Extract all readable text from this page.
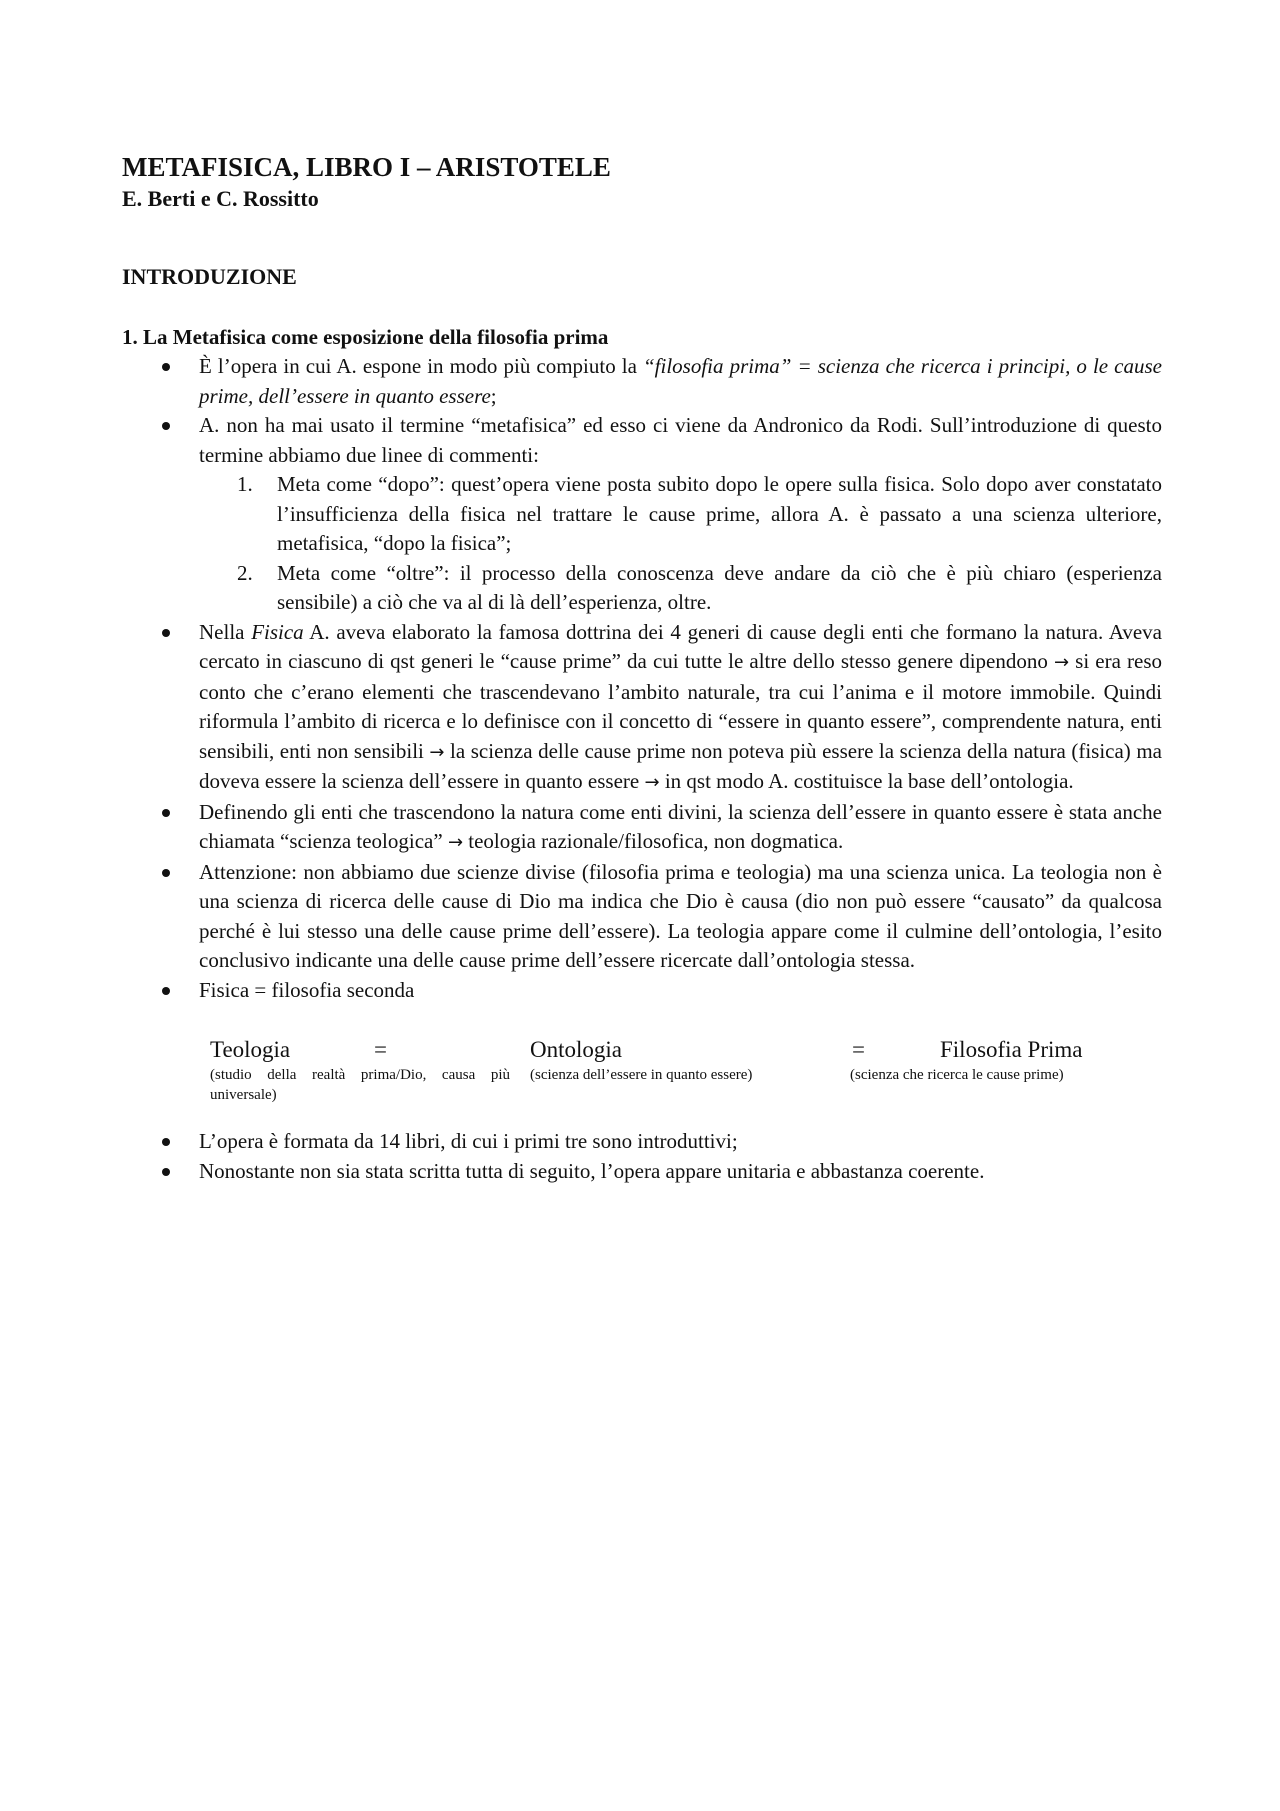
METAFISICA, LIBRO I – ARISTOTELE
E. Berti e C. Rossitto
INTRODUZIONE
1. La Metafisica come esposizione della filosofia prima
È l’opera in cui A. espone in modo più compiuto la “filosofia prima” = scienza che ricerca i principi, o le cause prime, dell’essere in quanto essere;
A. non ha mai usato il termine “metafisica” ed esso ci viene da Andronico da Rodi. Sull’introduzione di questo termine abbiamo due linee di commenti:
1. Meta come “dopo”: quest’opera viene posta subito dopo le opere sulla fisica. Solo dopo aver constatato l’insufficienza della fisica nel trattare le cause prime, allora A. è passato a una scienza ulteriore, metafisica, “dopo la fisica”;
2. Meta come “oltre”: il processo della conoscenza deve andare da ciò che è più chiaro (esperienza sensibile) a ciò che va al di là dell’esperienza, oltre.
Nella Fisica A. aveva elaborato la famosa dottrina dei 4 generi di cause degli enti che formano la natura. Aveva cercato in ciascuno di qst generi le “cause prime” da cui tutte le altre dello stesso genere dipendono → si era reso conto che c’erano elementi che trascendevano l’ambito naturale, tra cui l’anima e il motore immobile. Quindi riformula l’ambito di ricerca e lo definisce con il concetto di “essere in quanto essere”, comprendente natura, enti sensibili, enti non sensibili → la scienza delle cause prime non poteva più essere la scienza della natura (fisica) ma doveva essere la scienza dell’essere in quanto essere → in qst modo A. costituisce la base dell’ontologia.
Definendo gli enti che trascendono la natura come enti divini, la scienza dell’essere in quanto essere è stata anche chiamata “scienza teologica” → teologia razionale/filosofica, non dogmatica.
Attenzione: non abbiamo due scienze divise (filosofia prima e teologia) ma una scienza unica. La teologia non è una scienza di ricerca delle cause di Dio ma indica che Dio è causa (dio non può essere “causato” da qualcosa perché è lui stesso una delle cause prime dell’essere). La teologia appare come il culmine dell’ontologia, l’esito conclusivo indicante una delle cause prime dell’essere ricercate dall’ontologia stessa.
Fisica = filosofia seconda
Teologia
(studio della realtà prima/Dio, causa più universale)
=	Ontologia
(scienza dell’essere in quanto essere)
=	Filosofia Prima
(scienza che ricerca le cause prime)
L’opera è formata da 14 libri, di cui i primi tre sono introduttivi;
Nonostante non sia stata scritta tutta di seguito, l’opera appare unitaria e abbastanza coerente.
